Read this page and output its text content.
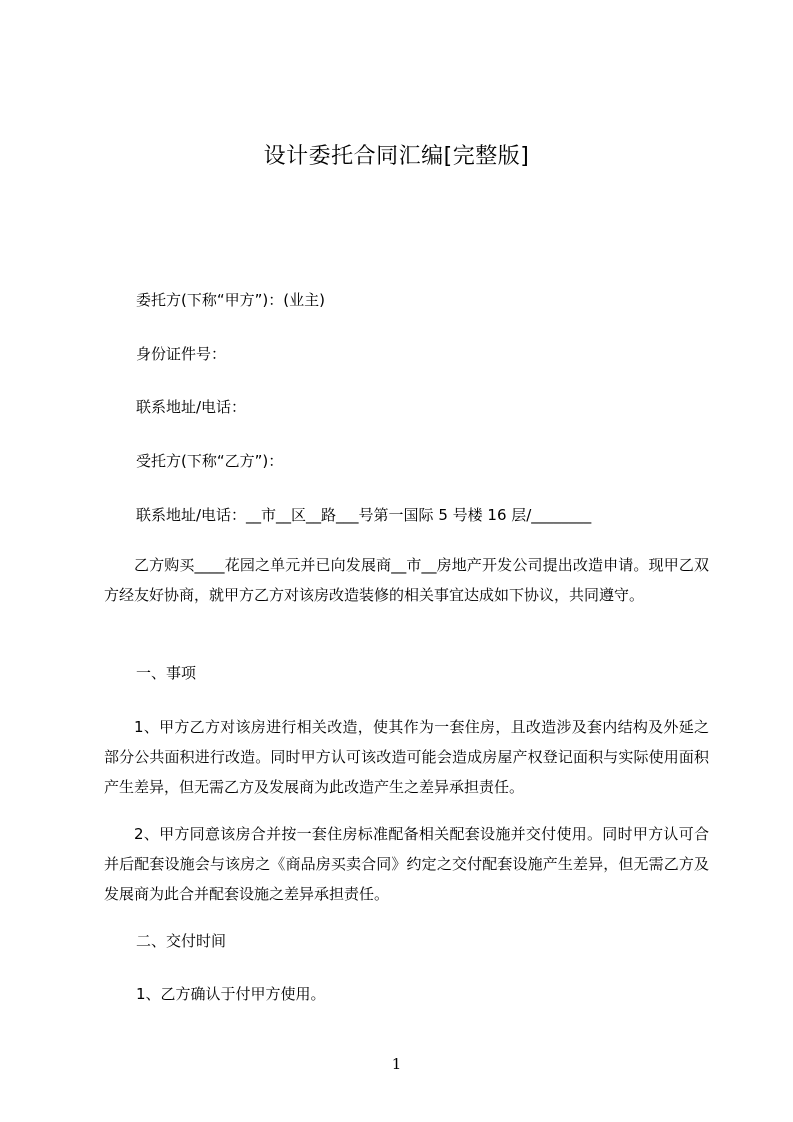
设计委托合同汇编[完整版]
委托方(下称“甲方”)：(业主)
身份证件号：
联系地址/电话：
受托方(下称“乙方”)：
联系地址/电话：__市__区__路___号第一国际 5 号楼 16 层/________
乙方购买____花园之单元并已向发展商__市__房地产开发公司提出改造申请。现甲乙双方经友好协商，就甲方乙方对该房改造装修的相关事宜达成如下协议，共同遵守。
一、事项
1、甲方乙方对该房进行相关改造，使其作为一套住房，且改造涉及套内结构及外延之部分公共面积进行改造。同时甲方认可该改造可能会造成房屋产权登记面积与实际使用面积产生差异，但无需乙方及发展商为此改造产生之差异承担责任。
2、甲方同意该房合并按一套住房标准配备相关配套设施并交付使用。同时甲方认可合并后配套设施会与该房之《商品房买卖合同》约定之交付配套设施产生差异，但无需乙方及发展商为此合并配套设施之差异承担责任。
二、交付时间
1、乙方确认于付甲方使用。
1
